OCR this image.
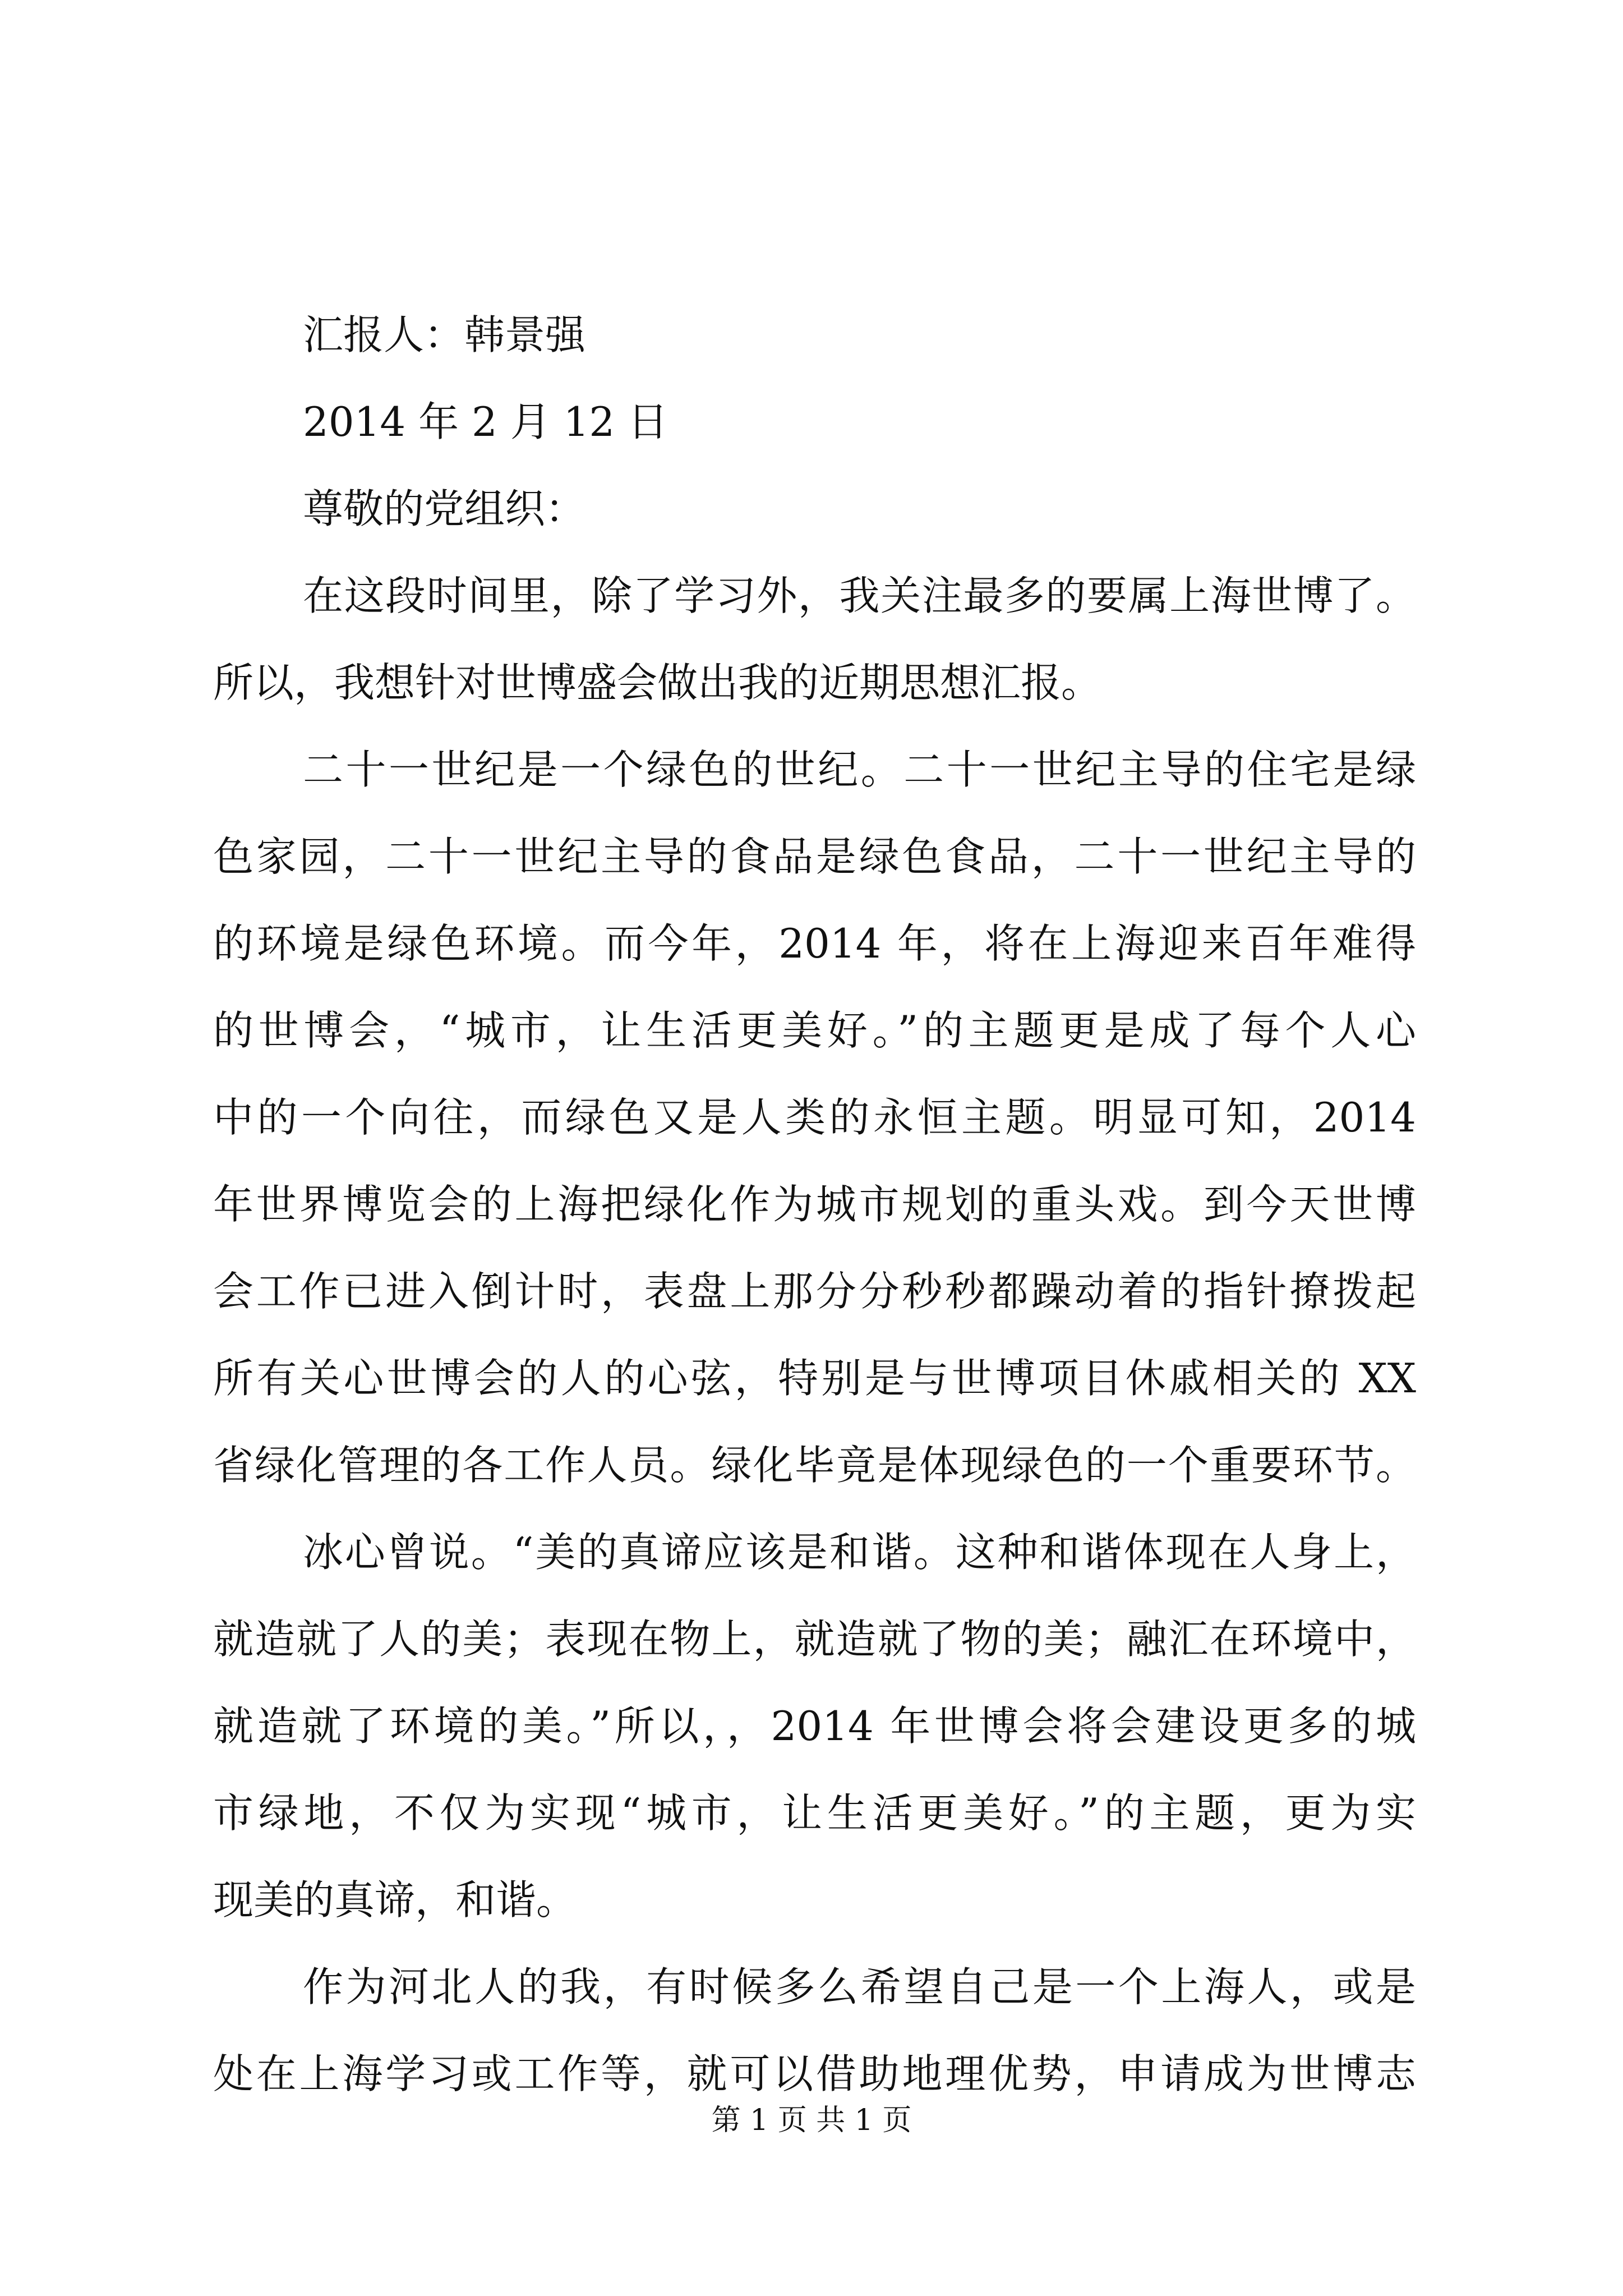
汇报人：韩景强
2014 年 2 月 12 日
尊敬的党组织：
在这段时间里，除了学习外，我关注最多的要属上海世博了。
所以，我想针对世博盛会做出我的近期思想汇报。
二十一世纪是一个绿色的世纪。二十一世纪主导的住宅是绿
色家园，二十一世纪主导的食品是绿色食品，二十一世纪主导的
的环境是绿色环境。而今年，2014 年，将在上海迎来百年难得
的世博会，“城市，让生活更美好。”的主题更是成了每个人心
中的一个向往，而绿色又是人类的永恒主题。明显可知，2014
年世界博览会的上海把绿化作为城市规划的重头戏。到今天世博
会工作已进入倒计时，表盘上那分分秒秒都躁动着的指针撩拨起
所有关心世博会的人的心弦，特别是与世博项目休戚相关的 XX
省绿化管理的各工作人员。绿化毕竟是体现绿色的一个重要环节。
冰心曾说。“美的真谛应该是和谐。这种和谐体现在人身上，
就造就了人的美；表现在物上，就造就了物的美；融汇在环境中，
就造就了环境的美。”所以，，2014 年世博会将会建设更多的城
市绿地，不仅为实现“城市，让生活更美好。”的主题，更为实
现美的真谛，和谐。
作为河北人的我，有时候多么希望自己是一个上海人，或是
处在上海学习或工作等，就可以借助地理优势，申请成为世博志
第 1 页 共 1 页
